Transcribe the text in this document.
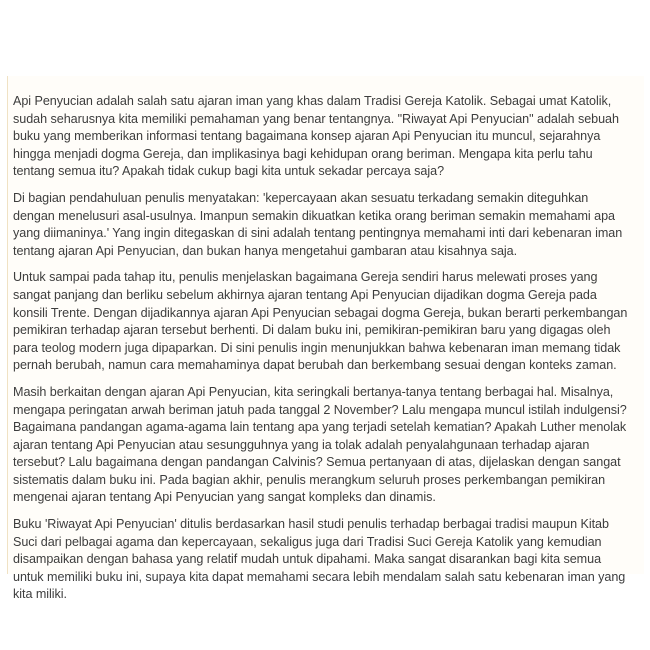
Api Penyucian adalah salah satu ajaran iman yang khas dalam Tradisi Gereja Katolik. Sebagai umat Katolik, sudah seharusnya kita memiliki pemahaman yang benar tentangnya. "Riwayat Api Penyucian" adalah sebuah buku yang memberikan informasi tentang bagaimana konsep ajaran Api Penyucian itu muncul, sejarahnya hingga menjadi dogma Gereja, dan implikasinya bagi kehidupan orang beriman. Mengapa kita perlu tahu tentang semua itu? Apakah tidak cukup bagi kita untuk sekadar percaya saja?

Di bagian pendahuluan penulis menyatakan: 'kepercayaan akan sesuatu terkadang semakin diteguhkan dengan menelusuri asal-usulnya. Imanpun semakin dikuatkan ketika orang beriman semakin memahami apa yang diimaninya.' Yang ingin ditegaskan di sini adalah tentang pentingnya memahami inti dari kebenaran iman tentang ajaran Api Penyucian, dan bukan hanya mengetahui gambaran atau kisahnya saja.

Untuk sampai pada tahap itu, penulis menjelaskan bagaimana Gereja sendiri harus melewati proses yang sangat panjang dan berliku sebelum akhirnya ajaran tentang Api Penyucian dijadikan dogma Gereja pada konsili Trente. Dengan dijadikannya ajaran Api Penyucian sebagai dogma Gereja, bukan berarti perkembangan pemikiran terhadap ajaran tersebut berhenti. Di dalam buku ini, pemikiran-pemikiran baru yang digagas oleh para teolog modern juga dipaparkan. Di sini penulis ingin menunjukkan bahwa kebenaran iman memang tidak pernah berubah, namun cara memahaminya dapat berubah dan berkembang sesuai dengan konteks zaman.

Masih berkaitan dengan ajaran Api Penyucian, kita seringkali bertanya-tanya tentang berbagai hal. Misalnya, mengapa peringatan arwah beriman jatuh pada tanggal 2 November? Lalu mengapa muncul istilah indulgensi? Bagaimana pandangan agama-agama lain tentang apa yang terjadi setelah kematian? Apakah Luther menolak ajaran tentang Api Penyucian atau sesungguhnya yang ia tolak adalah penyalahgunaan terhadap ajaran tersebut? Lalu bagaimana dengan pandangan Calvinis? Semua pertanyaan di atas, dijelaskan dengan sangat sistematis dalam buku ini. Pada bagian akhir, penulis merangkum seluruh proses perkembangan pemikiran mengenai ajaran tentang Api Penyucian yang sangat kompleks dan dinamis.

Buku 'Riwayat Api Penyucian' ditulis berdasarkan hasil studi penulis terhadap berbagai tradisi maupun Kitab Suci dari pelbagai agama dan kepercayaan, sekaligus juga dari Tradisi Suci Gereja Katolik yang kemudian disampaikan dengan bahasa yang relatif mudah untuk dipahami. Maka sangat disarankan bagi kita semua untuk memiliki buku ini, supaya kita dapat memahami secara lebih mendalam salah satu kebenaran iman yang kita miliki.
